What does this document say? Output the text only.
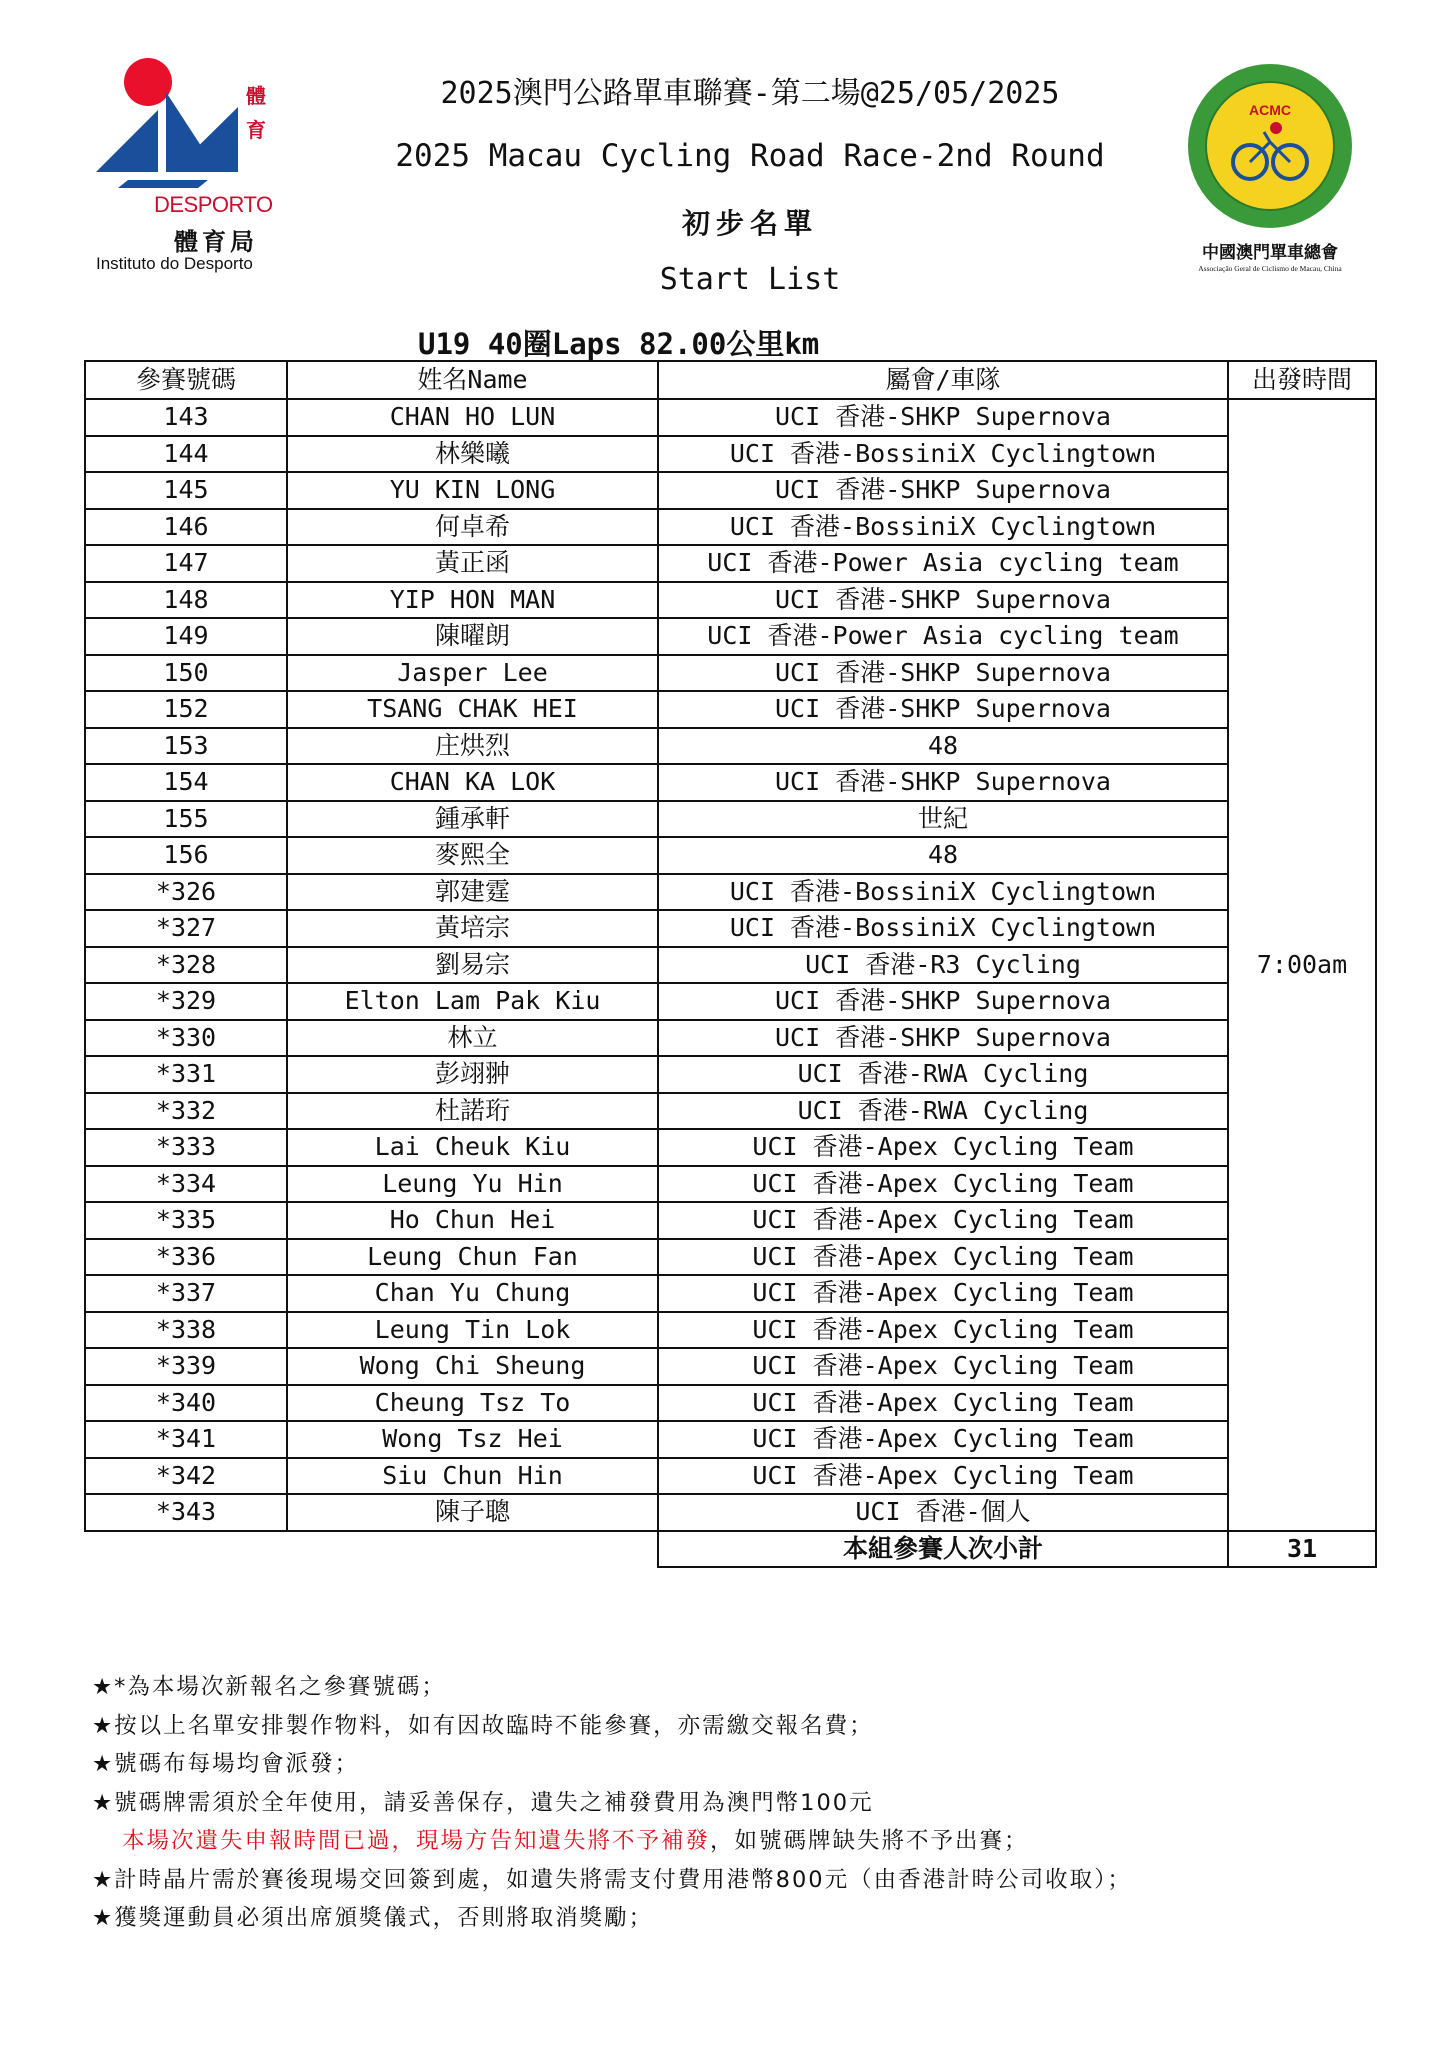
體
育
DESPORTO
體育局
Instituto do Desporto
ACMC
中國澳門單車總會
Associação Geral de Ciclismo de Macau, China
2025澳門公路單車聯賽-第二場@25/05/2025
2025 Macau Cycling Road Race-2nd Round
初步名單
Start List
U19 40圈Laps 82.00公里km
參賽號碼	姓名Name	屬會/車隊	出發時間
143	CHAN HO LUN	UCI 香港-SHKP Supernova	7:00am
144	林樂曦	UCI 香港-BossiniX Cyclingtown	
145	YU KIN LONG	UCI 香港-SHKP Supernova	
146	何卓希	UCI 香港-BossiniX Cyclingtown	
147	黃正函	UCI 香港-Power Asia cycling team	
148	YIP HON MAN	UCI 香港-SHKP Supernova	
149	陳曜朗	UCI 香港-Power Asia cycling team	
150	Jasper Lee	UCI 香港-SHKP Supernova	
152	TSANG CHAK HEI	UCI 香港-SHKP Supernova	
153	庄烘烈	48	
154	CHAN KA LOK	UCI 香港-SHKP Supernova	
155	鍾承軒	世紀	
156	麥熙全	48	
*326	郭建霆	UCI 香港-BossiniX Cyclingtown	
*327	黃培宗	UCI 香港-BossiniX Cyclingtown	
*328	劉易宗	UCI 香港-R3 Cycling	
*329	Elton Lam Pak Kiu	UCI 香港-SHKP Supernova	
*330	林立	UCI 香港-SHKP Supernova	
*331	彭翊翀	UCI 香港-RWA Cycling	
*332	杜諾珩	UCI 香港-RWA Cycling	
*333	Lai Cheuk Kiu	UCI 香港-Apex Cycling Team	
*334	Leung Yu Hin	UCI 香港-Apex Cycling Team	
*335	Ho Chun Hei	UCI 香港-Apex Cycling Team	
*336	Leung Chun Fan	UCI 香港-Apex Cycling Team	
*337	Chan Yu Chung	UCI 香港-Apex Cycling Team	
*338	Leung Tin Lok	UCI 香港-Apex Cycling Team	
*339	Wong Chi Sheung	UCI 香港-Apex Cycling Team	
*340	Cheung Tsz To	UCI 香港-Apex Cycling Team	
*341	Wong Tsz Hei	UCI 香港-Apex Cycling Team	
*342	Siu Chun Hin	UCI 香港-Apex Cycling Team	
*343	陳子聰	UCI 香港-個人	
		本組參賽人次小計	31
★*為本場次新報名之參賽號碼；
★按以上名單安排製作物料，如有因故臨時不能參賽，亦需繳交報名費；
★號碼布每場均會派發；
★號碼牌需須於全年使用，請妥善保存，遺失之補發費用為澳門幣100元
本場次遺失申報時間已過，現場方告知遺失將不予補發，如號碼牌缺失將不予出賽；
★計時晶片需於賽後現場交回簽到處，如遺失將需支付費用港幣800元（由香港計時公司收取）；
★獲獎運動員必須出席頒獎儀式，否則將取消獎勵；
